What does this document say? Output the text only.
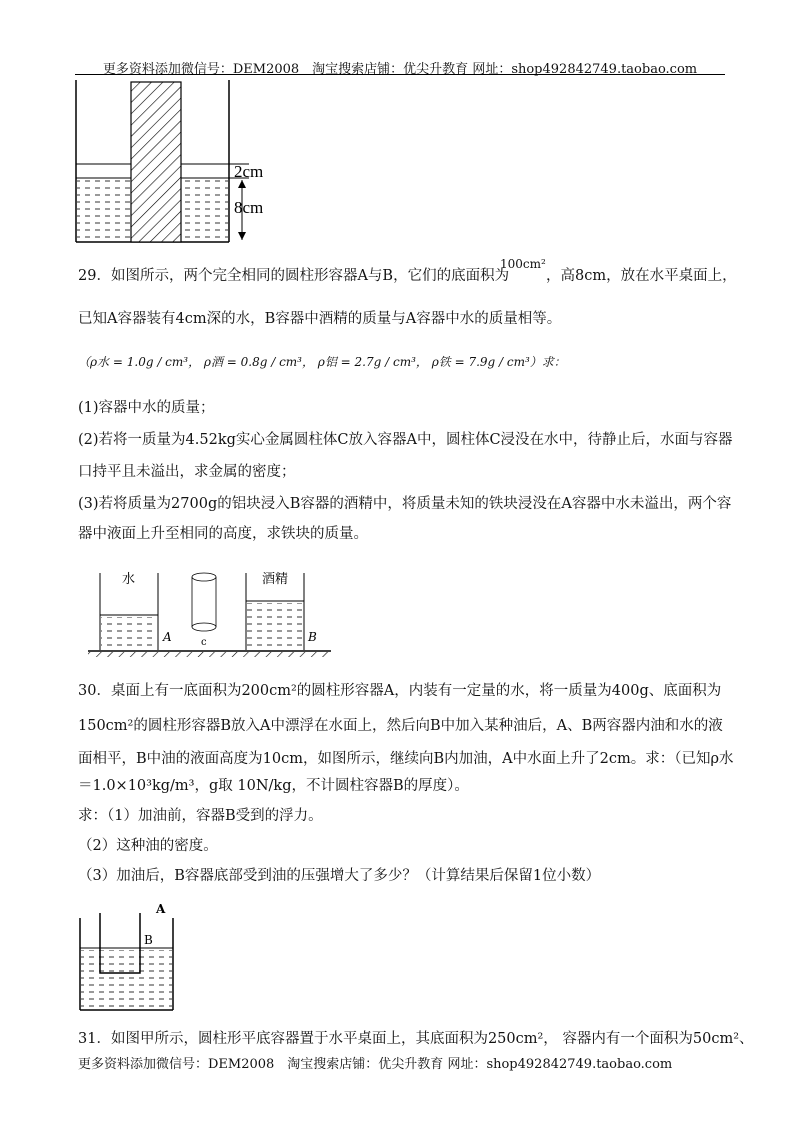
更多资料添加微信号：DEM2008　淘宝搜索店铺：优尖升教育 网址：shop492842749.taobao.com
2cm
8cm
29．如图所示，两个完全相同的圆柱形容器A与B，它们的底面积为
100cm²
，高8cm，放在水平桌面上，
已知A容器装有4cm深的水，B容器中酒精的质量与A容器中水的质量相等。
（ρ水 = 1.0g / cm³， ρ酒 = 0.8g / cm³， ρ铝 = 2.7g / cm³， ρ铁 = 7.9g / cm³）求：
(1)容器中水的质量；
(2)若将一质量为4.52kg实心金属圆柱体C放入容器A中，圆柱体C浸没在水中，待静止后，水面与容器
口持平且未溢出，求金属的密度；
(3)若将质量为2700g的铝块浸入B容器的酒精中，将质量未知的铁块浸没在A容器中水未溢出，两个容
器中液面上升至相同的高度，求铁块的质量。
水
A	c
酒精
B
30．桌面上有一底面积为200cm²的圆柱形容器A，内装有一定量的水，将一质量为400g、底面积为
150cm²的圆柱形容器B放入A中漂浮在水面上，然后向B中加入某种油后，A、B两容器内油和水的液
面相平，B中油的液面高度为10cm，如图所示，继续向B内加油，A中水面上升了2cm。求：（已知ρ水
＝1.0×10³kg/m³，g取 10N/kg，不计圆柱容器B的厚度）。
求：（1）加油前，容器B受到的浮力。
（2）这种油的密度。
（3）加油后，B容器底部受到油的压强增大了多少？（计算结果后保留1位小数）
A
B
31．如图甲所示，圆柱形平底容器置于水平桌面上，其底面积为250cm²， 容器内有一个面积为50cm²、
更多资料添加微信号：DEM2008　淘宝搜索店铺：优尖升教育 网址：shop492842749.taobao.com
